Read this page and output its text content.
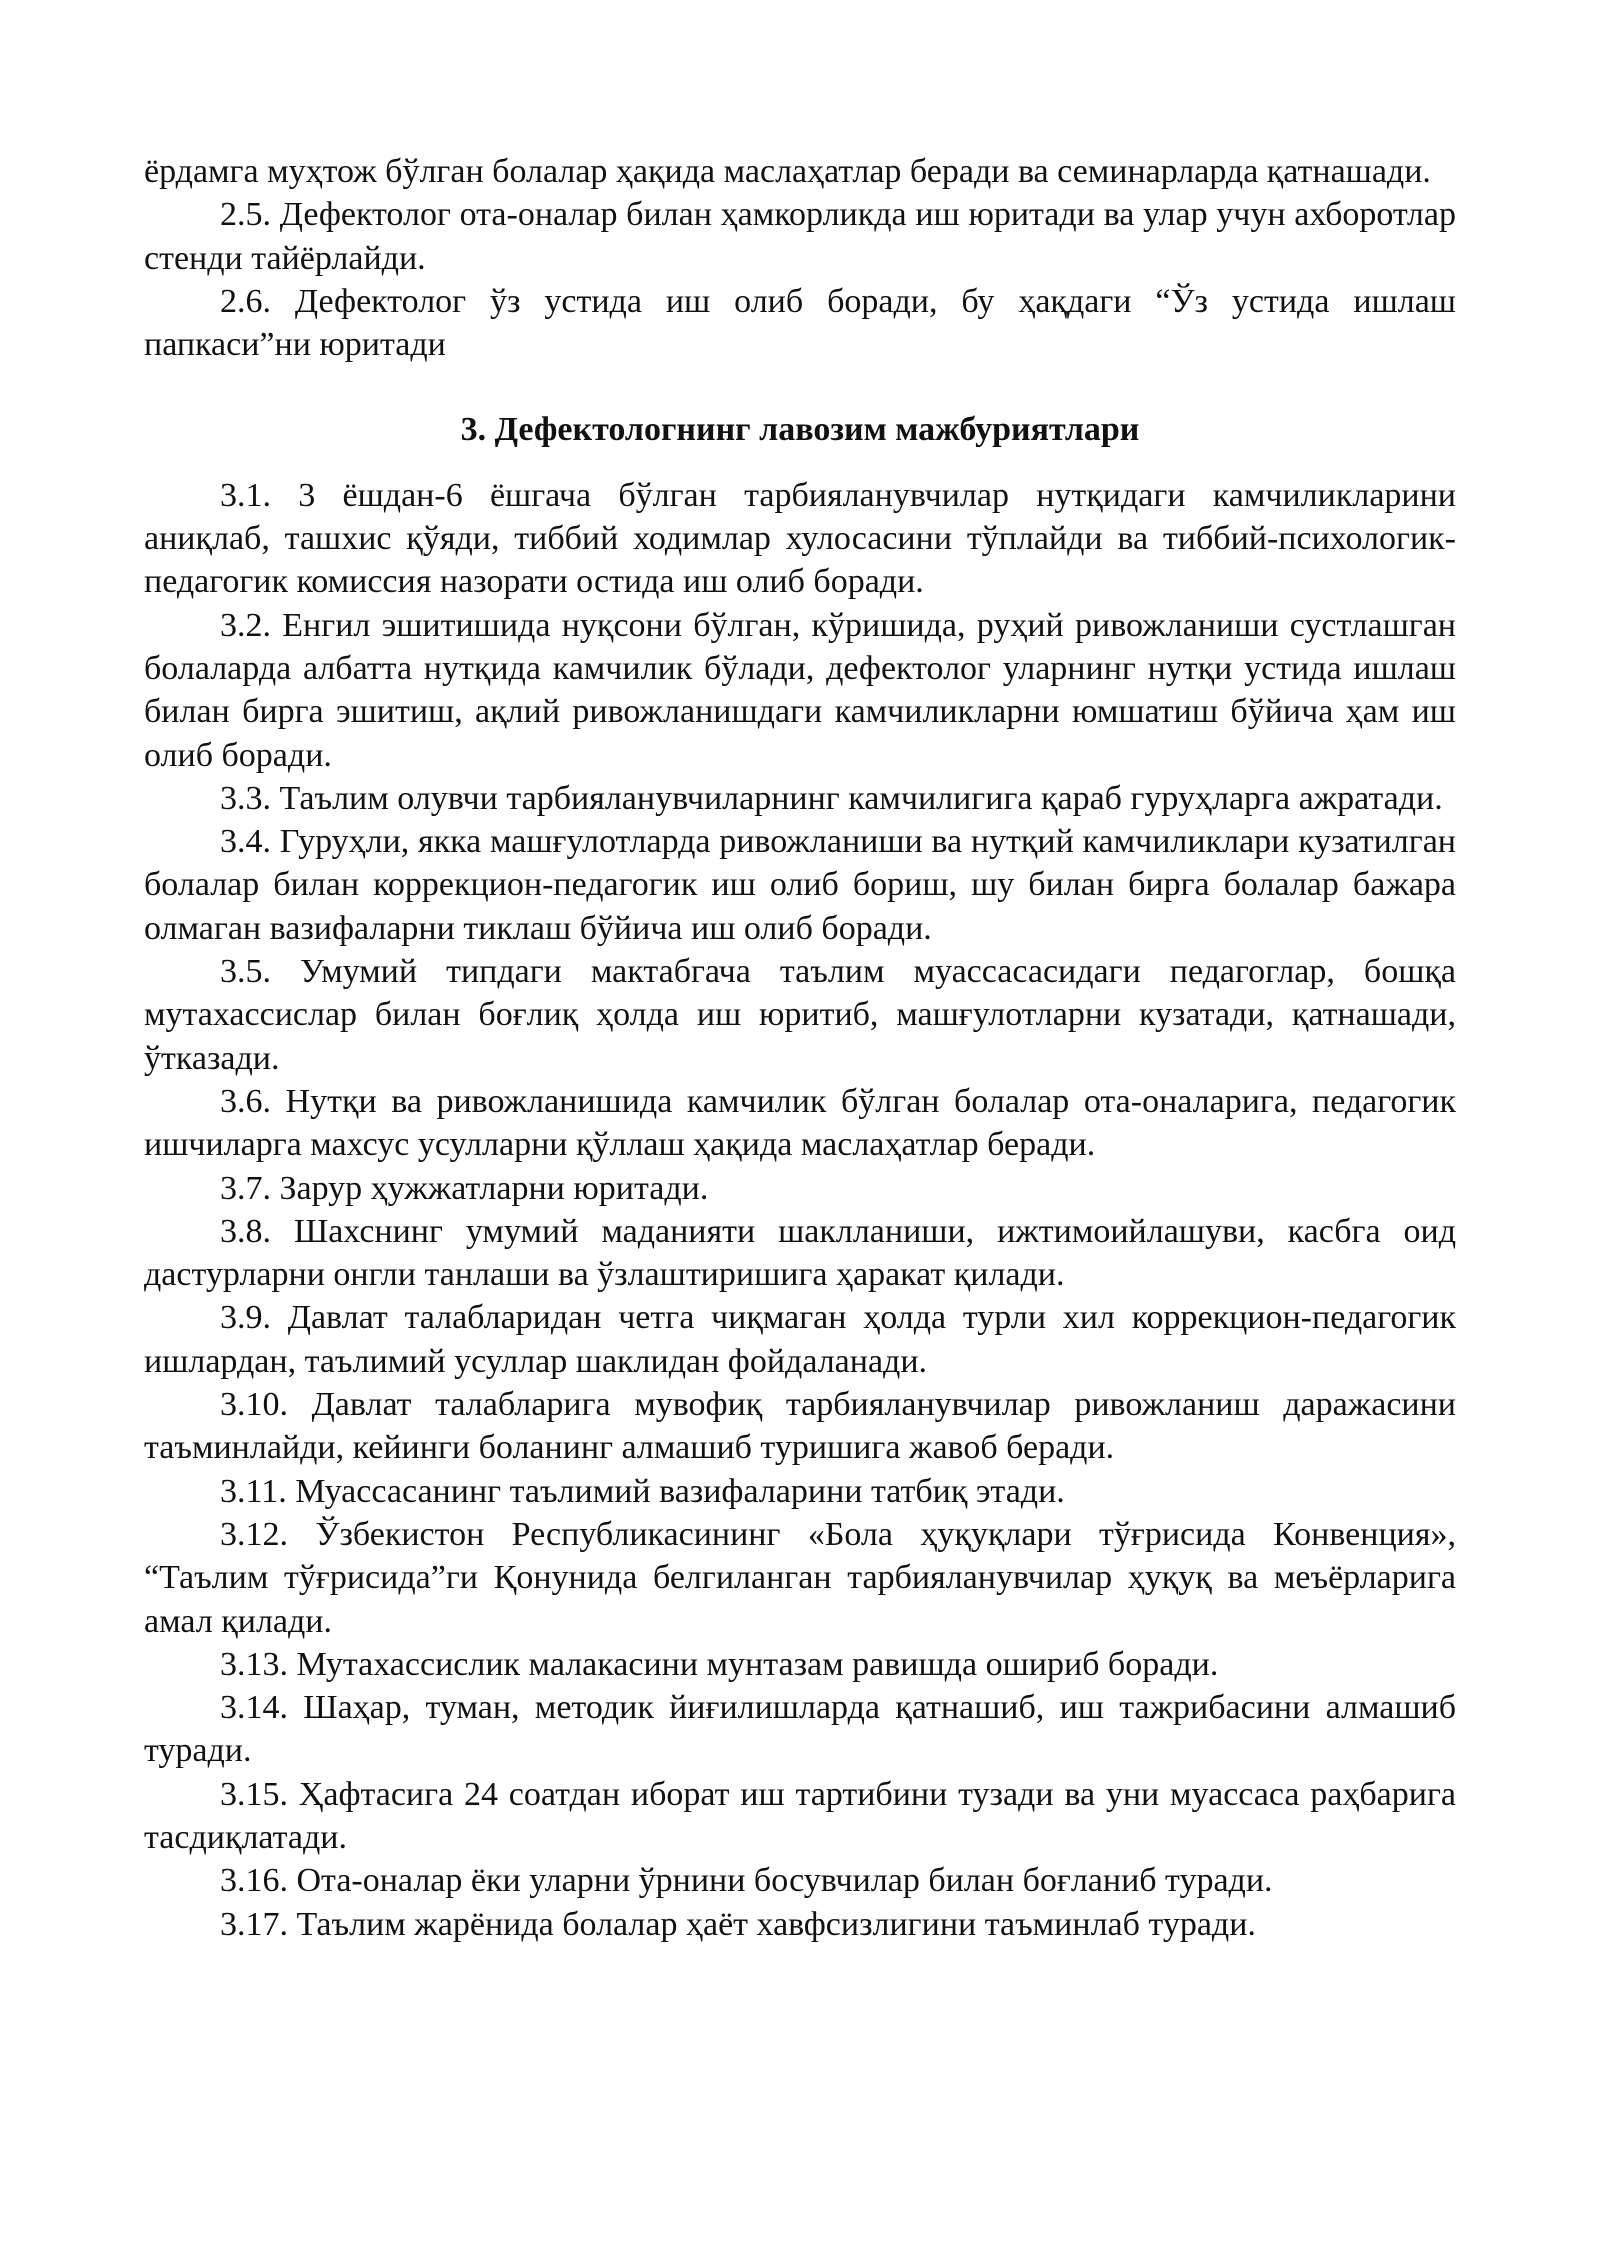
ёрдамга муҳтож бўлган болалар ҳақида маслаҳатлар беради ва семинарларда қатнашади.

2.5. Дефектолог ота-оналар билан ҳамкорликда иш юритади ва улар учун ахборотлар стенди тайёрлайди.

2.6. Дефектолог ўз устида иш олиб боради, бу ҳақдаги “Ўз устида ишлаш папкаси”ни юритади

3. Дефектологнинг лавозим мажбуриятлари

3.1. 3 ёшдан-6 ёшгача бўлган тарбияланувчилар нутқидаги камчиликларини аниқлаб, ташхис қўяди, тиббий ходимлар хулосасини тўплайди ва тиббий-психологик-педагогик комиссия назорати остида иш олиб боради.

3.2. Енгил эшитишида нуқсони бўлган, кўришида, руҳий ривожланиши сустлашган болаларда албатта нутқида камчилик бўлади, дефектолог уларнинг нутқи устида ишлаш билан бирга эшитиш, ақлий ривожланишдаги камчиликларни юмшатиш бўйича ҳам иш олиб боради.

3.3. Таълим олувчи тарбияланувчиларнинг камчилигига қараб гуруҳларга ажратади.

3.4. Гуруҳли, якка машғулотларда ривожланиши ва нутқий камчиликлари кузатилган болалар билан коррекцион-педагогик иш олиб бориш, шу билан бирга болалар бажара олмаган вазифаларни тиклаш бўйича иш олиб боради.

3.5. Умумий типдаги мактабгача таълим муассасасидаги педагоглар, бошқа мутахассислар билан боғлиқ ҳолда иш юритиб, машғулотларни кузатади, қатнашади, ўтказади.

3.6. Нутқи ва ривожланишида камчилик бўлган болалар ота-оналарига, педагогик ишчиларга махсус усулларни қўллаш ҳақида маслаҳатлар беради.

3.7. Зарур ҳужжатларни юритади.

3.8. Шахснинг умумий маданияти шаклланиши, ижтимоийлашуви, касбга оид дастурларни онгли танлаши ва ўзлаштиришига ҳаракат қилади.

3.9. Давлат талабларидан четга чиқмаган ҳолда турли хил коррекцион-педагогик ишлардан, таълимий усуллар шаклидан фойдаланади.

3.10. Давлат талабларига мувофиқ тарбияланувчилар ривожланиш даражасини таъминлайди, кейинги боланинг алмашиб туришига жавоб беради.

3.11. Муассасанинг таълимий вазифаларини татбиқ этади.

3.12. Ўзбекистон Республикасининг «Бола ҳуқуқлари тўғрисида Конвенция», “Таълим тўғрисида”ги Қонунида белгиланган тарбияланувчилар ҳуқуқ ва меъёрларига амал қилади.

3.13. Мутахассислик малакасини мунтазам равишда ошириб боради.

3.14. Шаҳар, туман, методик йиғилишларда қатнашиб, иш тажрибасини алмашиб туради.

3.15. Ҳафтасига 24 соатдан иборат иш тартибини тузади ва уни муассаса раҳбарига тасдиқлатади.

3.16. Ота-оналар ёки уларни ўрнини босувчилар билан боғланиб туради.

3.17. Таълим жарёнида болалар ҳаёт хавфсизлигини таъминлаб туради.
